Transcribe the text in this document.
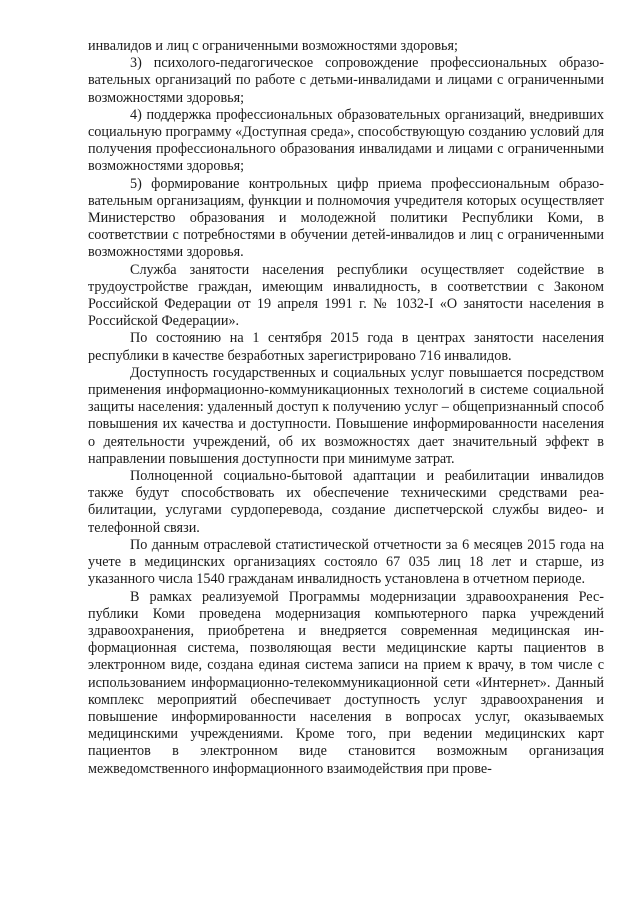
инвалидов и лиц с ограниченными возможностями здоровья;

3) психолого-педагогическое сопровождение профессиональных образовательных организаций по работе с детьми-инвалидами и лицами с ограниченными возможностями здоровья;

4) поддержка профессиональных образовательных организаций, внедривших социальную программу «Доступная среда», способствующую созданию условий для получения профессионального образования инвалидами и лицами с ограниченными возможностями здоровья;

5) формирование контрольных цифр приема профессиональным образовательным организациям, функции и полномочия учредителя которых осуществляет Министерство образования и молодежной политики Республики Коми, в соответствии с потребностями в обучении детей-инвалидов и лиц с ограниченными возможностями здоровья.

Служба занятости населения республики осуществляет содействие в трудоустройстве граждан, имеющим инвалидность, в соответствии с Законом Российской Федерации от 19 апреля 1991 г. № 1032-I «О занятости населения в Российской Федерации».

По состоянию на 1 сентября 2015 года в центрах занятости населения республики в качестве безработных зарегистрировано 716 инвалидов.

Доступность государственных и социальных услуг повышается посредством применения информационно-коммуникационных технологий в системе социальной защиты населения: удаленный доступ к получению услуг – общепризнанный способ повышения их качества и доступности. Повышение информированности населения о деятельности учреждений, об их возможностях дает значительный эффект в направлении повышения доступности при минимуме затрат.

Полноценной социально-бытовой адаптации и реабилитации инвалидов также будут способствовать их обеспечение техническими средствами реабилитации, услугами сурдоперевода, создание диспетчерской службы видео- и телефонной связи.

По данным отраслевой статистической отчетности за 6 месяцев 2015 года на учете в медицинских организациях состояло 67 035 лиц 18 лет и старше, из указанного числа 1540 гражданам инвалидность установлена в отчетном периоде.

В рамках реализуемой Программы модернизации здравоохранения Республики Коми проведена модернизация компьютерного парка учреждений здравоохранения, приобретена и внедряется современная медицинская информационная система, позволяющая вести медицинские карты пациентов в электронном виде, создана единая система записи на прием к врачу, в том числе с использованием информационно-телекоммуникационной сети «Интернет». Данный комплекс мероприятий обеспечивает доступность услуг здравоохранения и повышение информированности населения в вопросах услуг, оказываемых медицинскими учреждениями. Кроме того, при ведении медицинских карт пациентов в электронном виде становится возможным организация межведомственного информационного взаимодействия при прове-
